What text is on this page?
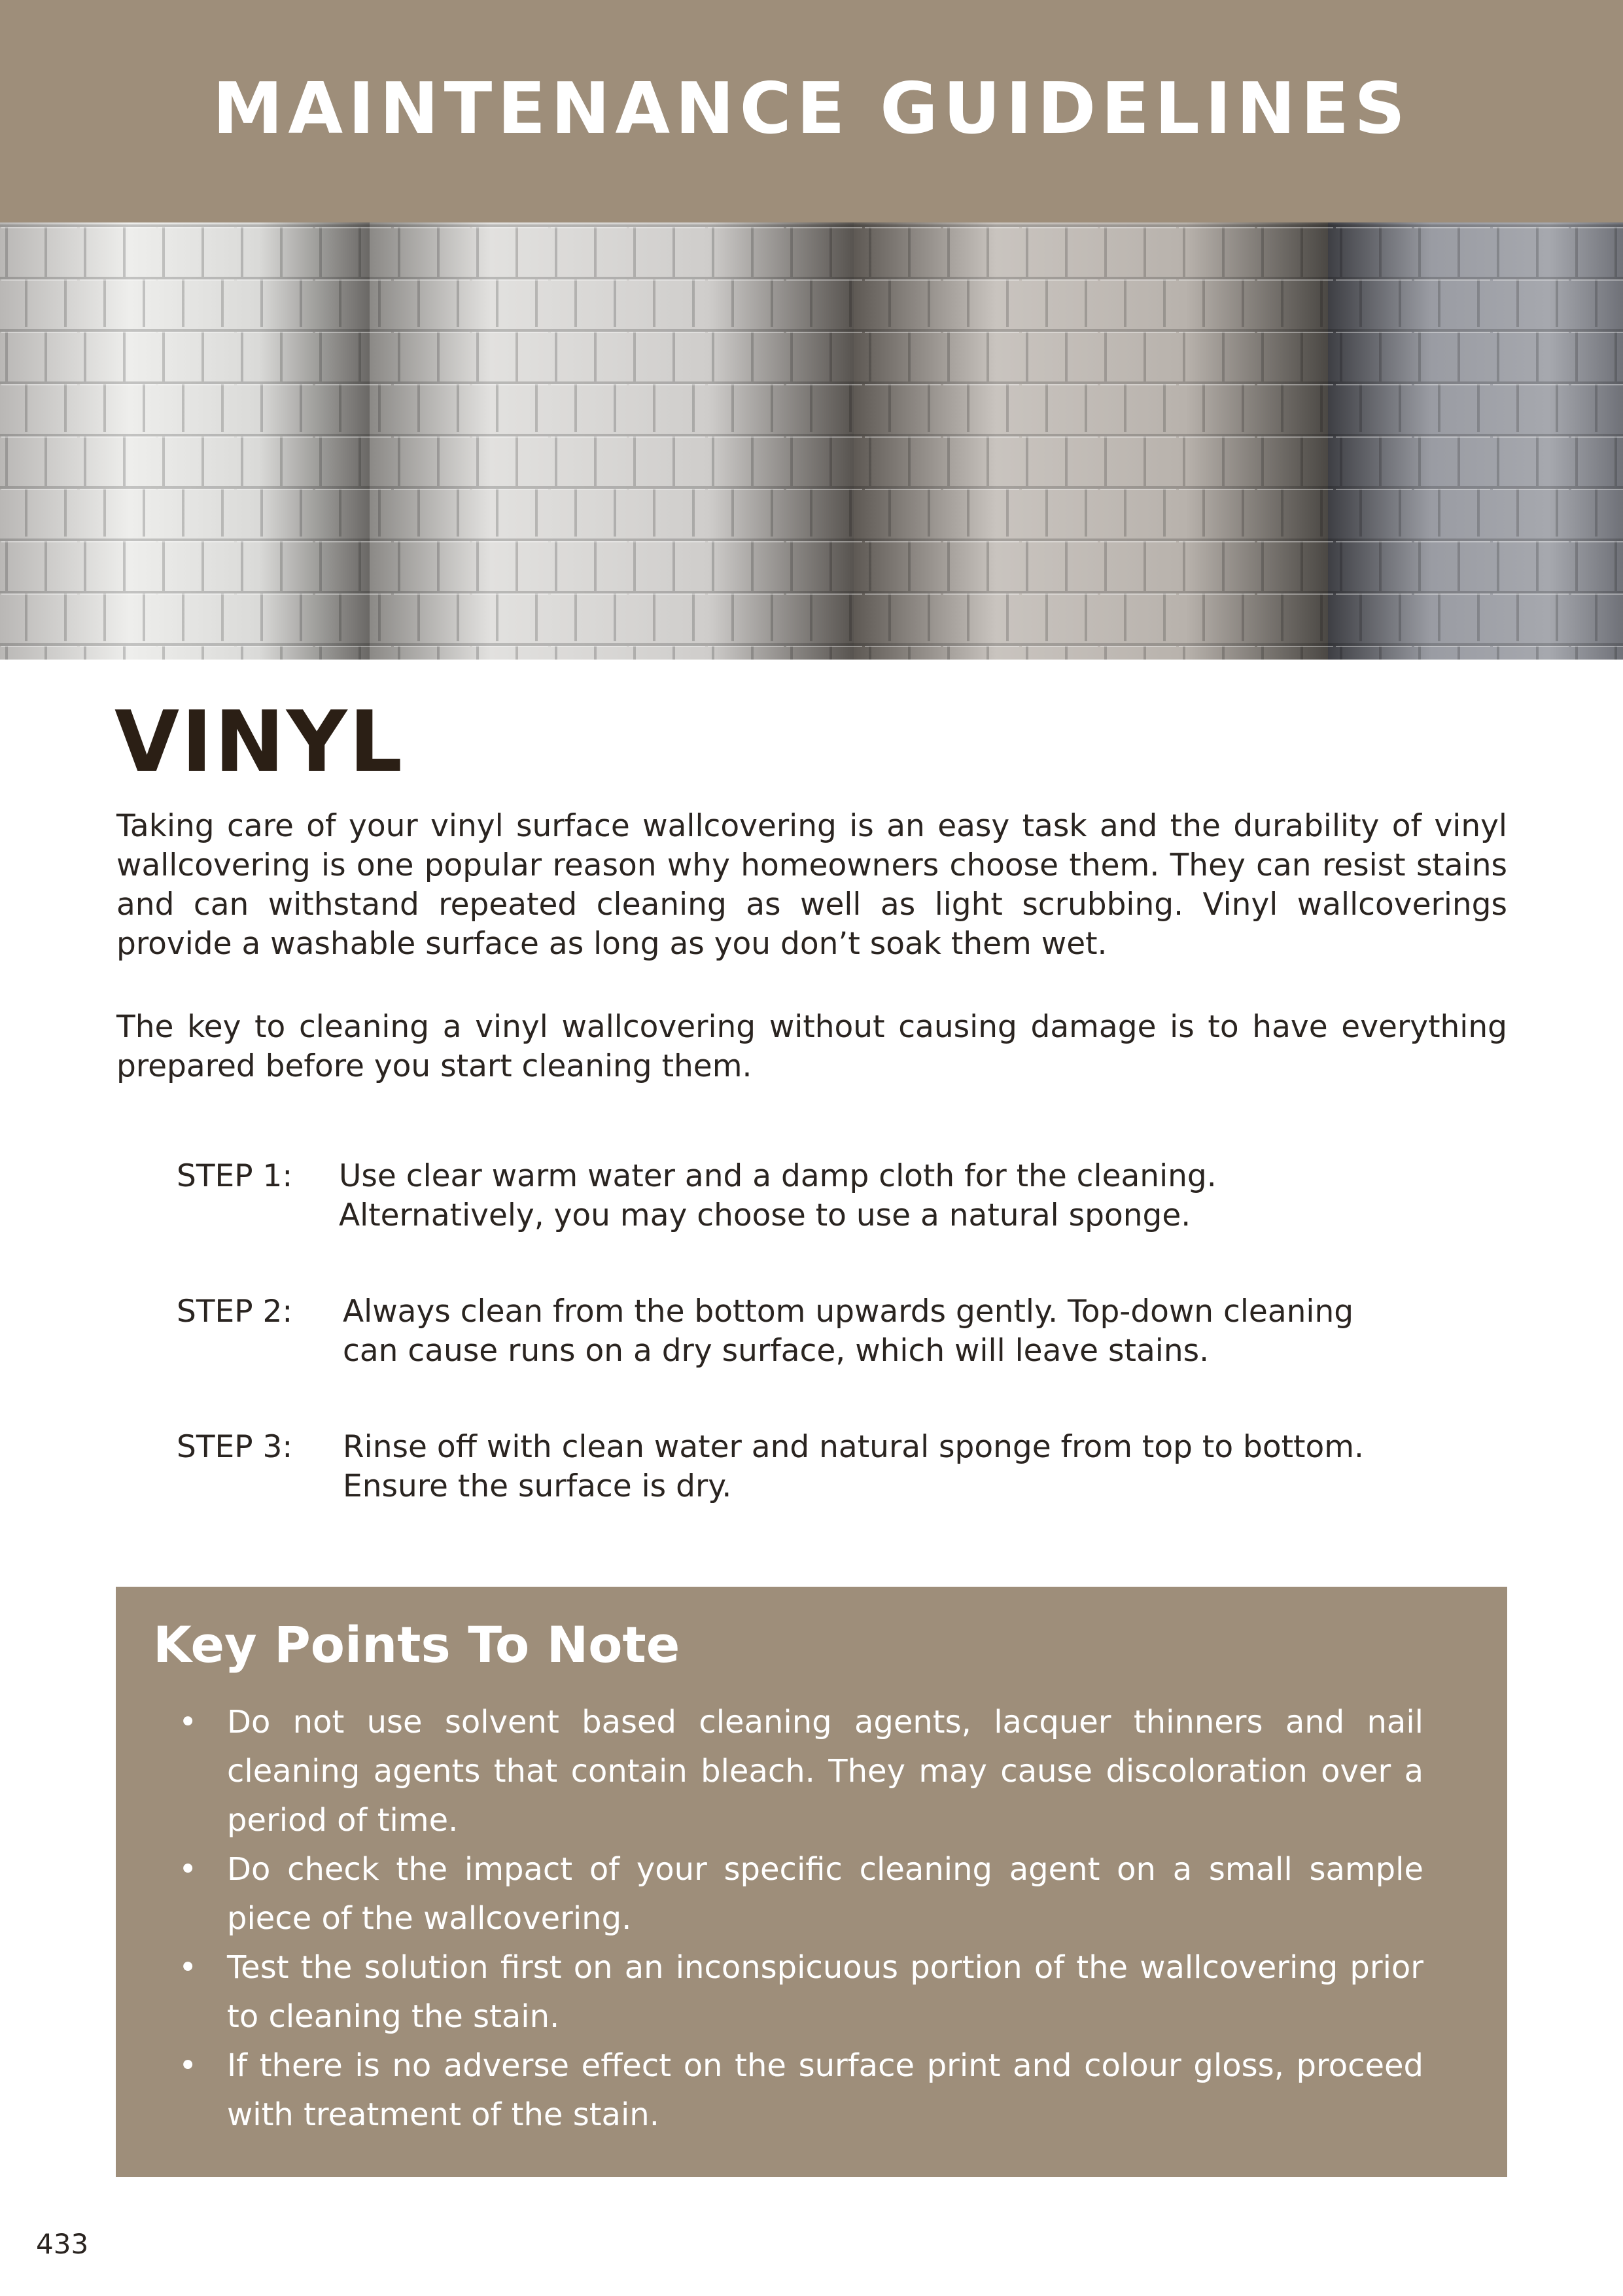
MAINTENANCE GUIDELINES
VINYL
Taking care of your vinyl surface wallcovering is an easy task and the durability of vinyl wallcovering is one popular reason why homeowners choose them. They can resist stains and can withstand repeated cleaning as well as light scrubbing. Vinyl wallcoverings provide a washable surface as long as you don’t soak them wet.
The key to cleaning a vinyl wallcovering without causing damage is to have everything prepared before you start cleaning them.
STEP 1:	Use clear warm water and a damp cloth for the cleaning.
Alternatively, you may choose to use a natural sponge.
STEP 2:	Always clean from the bottom upwards gently. Top-down cleaning
can cause runs on a dry surface, which will leave stains.
STEP 3:	Rinse off with clean water and natural sponge from top to bottom.
Ensure the surface is dry.
Key Points To Note
• Do not use solvent based cleaning agents, lacquer thinners and nail cleaning agents that contain bleach. They may cause discoloration over a period of time.
• Do check the impact of your specific cleaning agent on a small sample piece of the wallcovering.
• Test the solution first on an inconspicuous portion of the wallcovering prior to cleaning the stain.
• If there is no adverse effect on the surface print and colour gloss, proceed with treatment of the stain.
433
